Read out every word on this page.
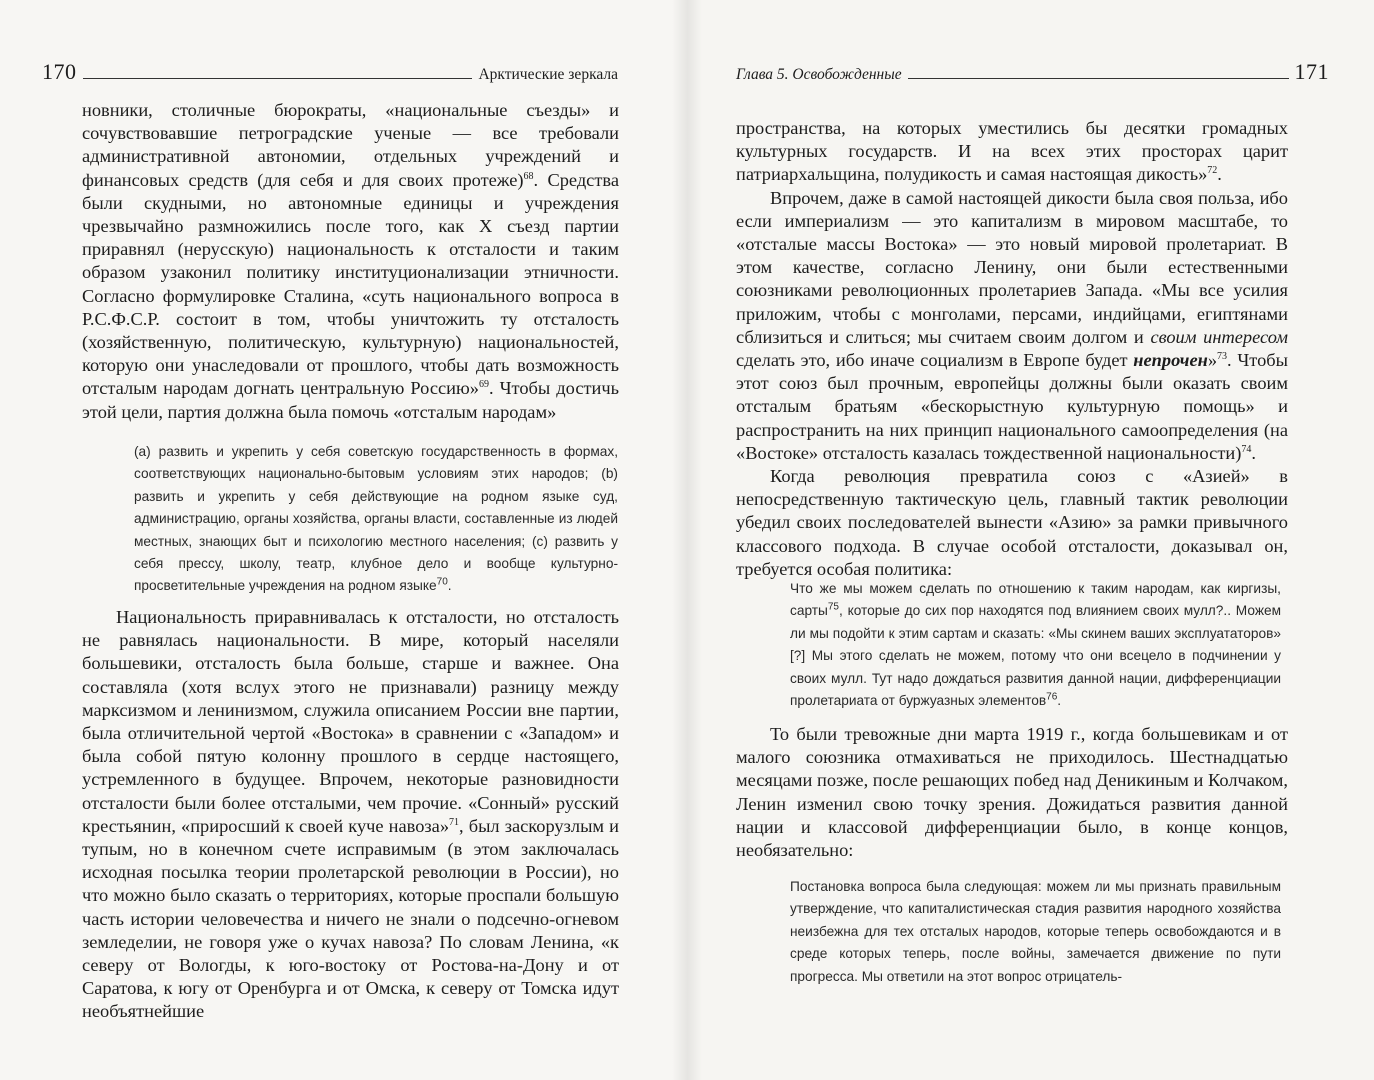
170	Арктические зеркала

новники, столичные бюрократы, «национальные съезды» и сочувствовавшие петроградские ученые — все требовали административной автономии, отдельных учреждений и финансовых средств (для себя и для своих протеже)$^{68}$. Средства были скудными, но автономные единицы и учреждения чрезвычайно размножились после того, как X съезд партии приравнял (нерусскую) национальность к отсталости и таким образом узаконил политику институционализации этничности. Согласно формулировке Сталина, «суть национального вопроса в Р.С.Ф.С.Р. состоит в том, чтобы уничтожить ту отсталость (хозяйственную, политическую, культурную) национальностей, которую они унаследовали от прошлого, чтобы дать возможность отсталым народам догнать центральную Россию»$^{69}$. Чтобы достичь этой цели, партия должна была помочь «отсталым народам»

(а) развить и укрепить у себя советскую государственность в формах, соответствующих национально-бытовым условиям этих народов; (b) развить и укрепить у себя действующие на родном языке суд, администрацию, органы хозяйства, органы власти, составленные из людей местных, знающих быт и психологию местного населения; (с) развить у себя прессу, школу, театр, клубное дело и вообще культурно-просветительные учреждения на родном языке$^{70}$.

Национальность приравнивалась к отсталости, но отсталость не равнялась национальности. В мире, который населяли большевики, отсталость была больше, старше и важнее. Она составляла (хотя вслух этого не признавали) разницу между марксизмом и ленинизмом, служила описанием России вне партии, была отличительной чертой «Востока» в сравнении с «Западом» и была собой пятую колонну прошлого в сердце настоящего, устремленного в будущее. Впрочем, некоторые разновидности отсталости были более отсталыми, чем прочие. «Сонный» русский крестьянин, «приросший к своей куче навоза»$^{71}$, был заскорузлым и тупым, но в конечном счете исправимым (в этом заключалась исходная посылка теории пролетарской революции в России), но что можно было сказать о территориях, которые проспали большую часть истории человечества и ничего не знали о подсечно-огневом земледелии, не говоря уже о кучах навоза? По словам Ленина, «к северу от Вологды, к юго-востоку от Ростова-на-Дону и от Саратова, к югу от Оренбурга и от Омска, к северу от Томска идут необъятнейшие

Глава 5. Освобожденные	171

пространства, на которых уместились бы десятки громадных культурных государств. И на всех этих просторах царит патриархальщина, полудикость и самая настоящая дикость»$^{72}$.

Впрочем, даже в самой настоящей дикости была своя польза, ибо если империализм — это капитализм в мировом масштабе, то «отсталые массы Востока» — это новый мировой пролетариат. В этом качестве, согласно Ленину, они были естественными союзниками революционных пролетариев Запада. «Мы все усилия приложим, чтобы с монголами, персами, индийцами, египтянами сблизиться и слиться; мы считаем своим долгом и своим интересом сделать это, ибо иначе социализм в Европе будет непрочен»$^{73}$. Чтобы этот союз был прочным, европейцы должны были оказать своим отсталым братьям «бескорыстную культурную помощь» и распространить на них принцип национального самоопределения (на «Востоке» отсталость казалась тождественной национальности)$^{74}$.

Когда революция превратила союз с «Азией» в непосредственную тактическую цель, главный тактик революции убедил своих последователей вынести «Азию» за рамки привычного классового подхода. В случае особой отсталости, доказывал он, требуется особая политика:

Что же мы можем сделать по отношению к таким народам, как киргизы, сарты$^{75}$, которые до сих пор находятся под влиянием своих мулл?.. Можем ли мы подойти к этим сартам и сказать: «Мы скинем ваших эксплуататоров» [?] Мы этого сделать не можем, потому что они всецело в подчинении у своих мулл. Тут надо дождаться развития данной нации, дифференциации пролетариата от буржуазных элементов$^{76}$.

То были тревожные дни марта 1919 г., когда большевикам и от малого союзника отмахиваться не приходилось. Шестнадцатью месяцами позже, после решающих побед над Деникиным и Колчаком, Ленин изменил свою точку зрения. Дожидаться развития данной нации и классовой дифференциации было, в конце концов, необязательно:

Постановка вопроса была следующая: можем ли мы признать правильным утверждение, что капиталистическая стадия развития народного хозяйства неизбежна для тех отсталых народов, которые теперь освобождаются и в среде которых теперь, после войны, замечается движение по пути прогресса. Мы ответили на этот вопрос отрицатель-
